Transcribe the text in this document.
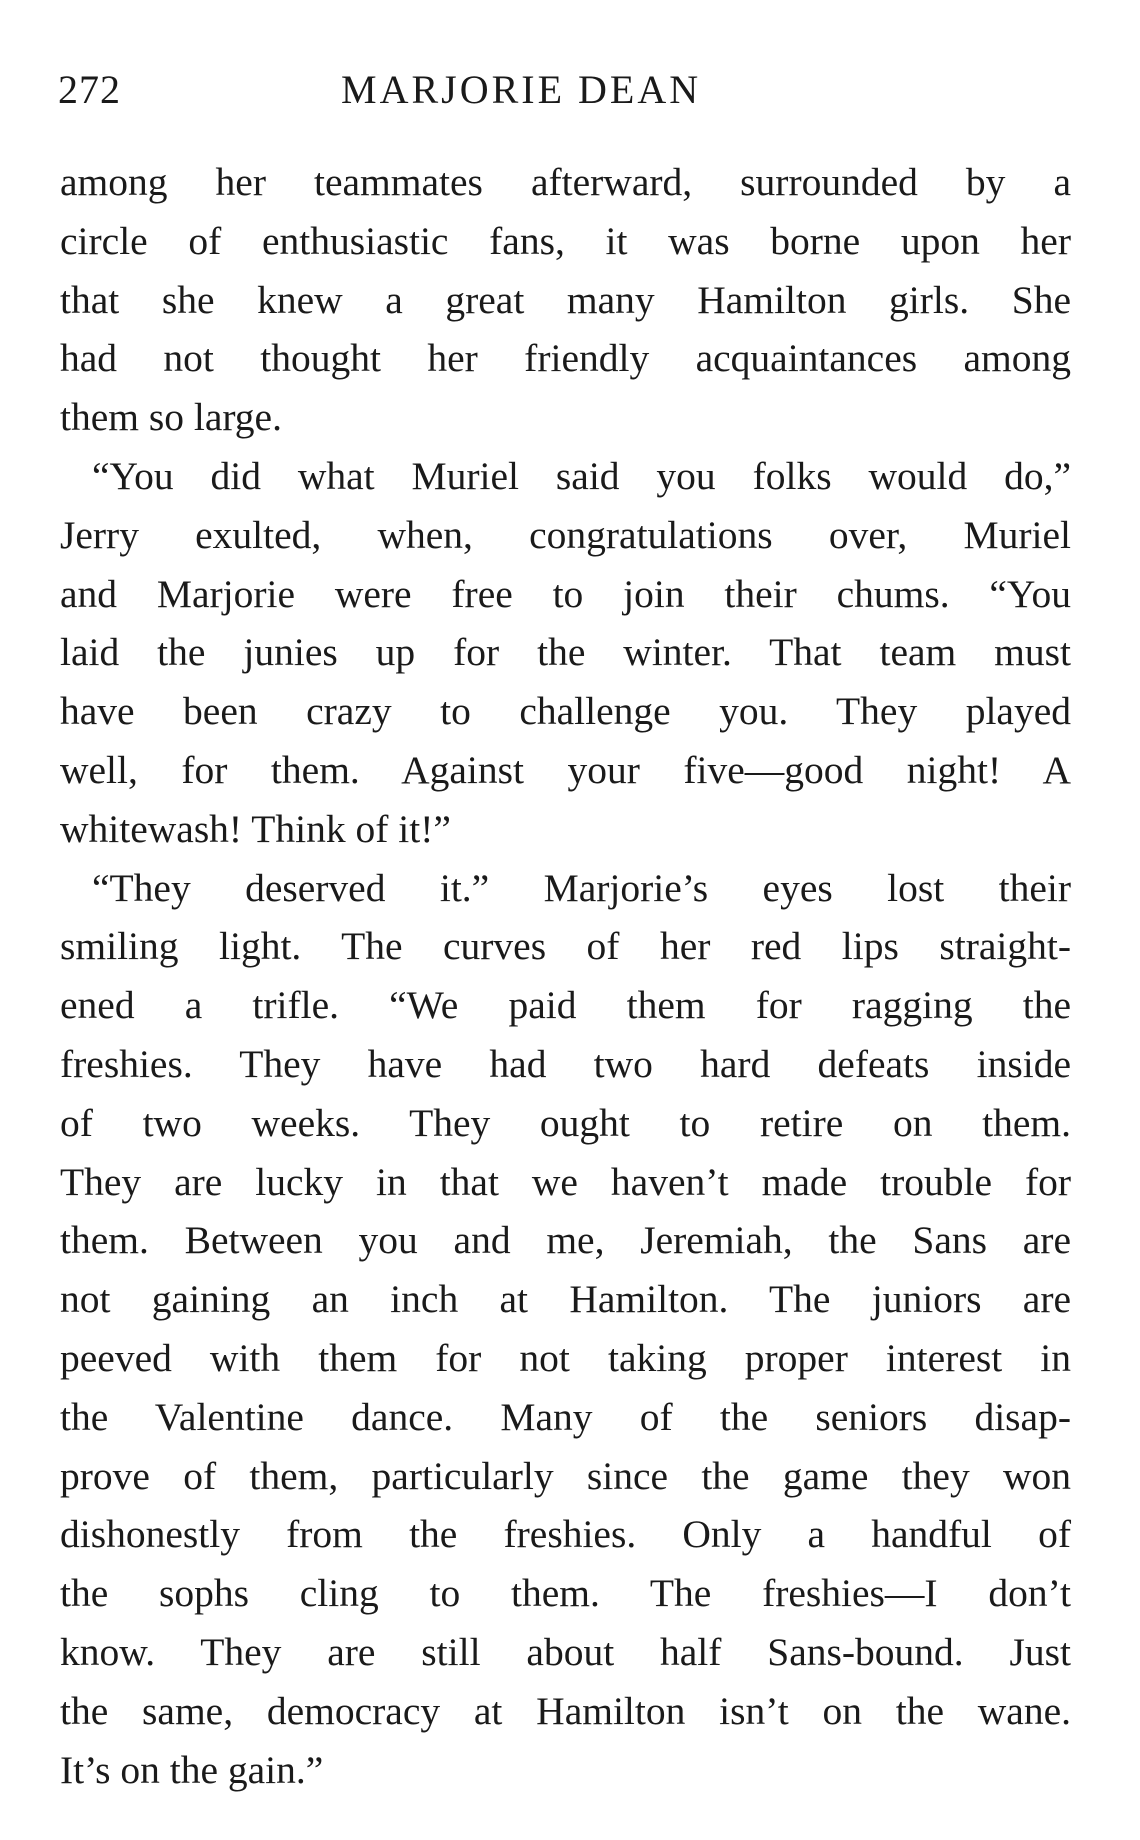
272	MARJORIE DEAN
among her teammates afterward, surrounded by a
circle of enthusiastic fans, it was borne upon her
that she knew a great many Hamilton girls. She
had not thought her friendly acquaintances among
them so large.
“You did what Muriel said you folks would do,”
Jerry exulted, when, congratulations over, Muriel
and Marjorie were free to join their chums. “You
laid the junies up for the winter. That team must
have been crazy to challenge you. They played
well, for them. Against your five—good night! A
whitewash! Think of it!”
“They deserved it.” Marjorie’s eyes lost their
smiling light. The curves of her red lips straight-
ened a trifle. “We paid them for ragging the
freshies. They have had two hard defeats inside
of two weeks. They ought to retire on them.
They are lucky in that we haven’t made trouble for
them. Between you and me, Jeremiah, the Sans are
not gaining an inch at Hamilton. The juniors are
peeved with them for not taking proper interest in
the Valentine dance. Many of the seniors disap-
prove of them, particularly since the game they won
dishonestly from the freshies. Only a handful of
the sophs cling to them. The freshies—I don’t
know. They are still about half Sans-bound. Just
the same, democracy at Hamilton isn’t on the wane.
It’s on the gain.”
